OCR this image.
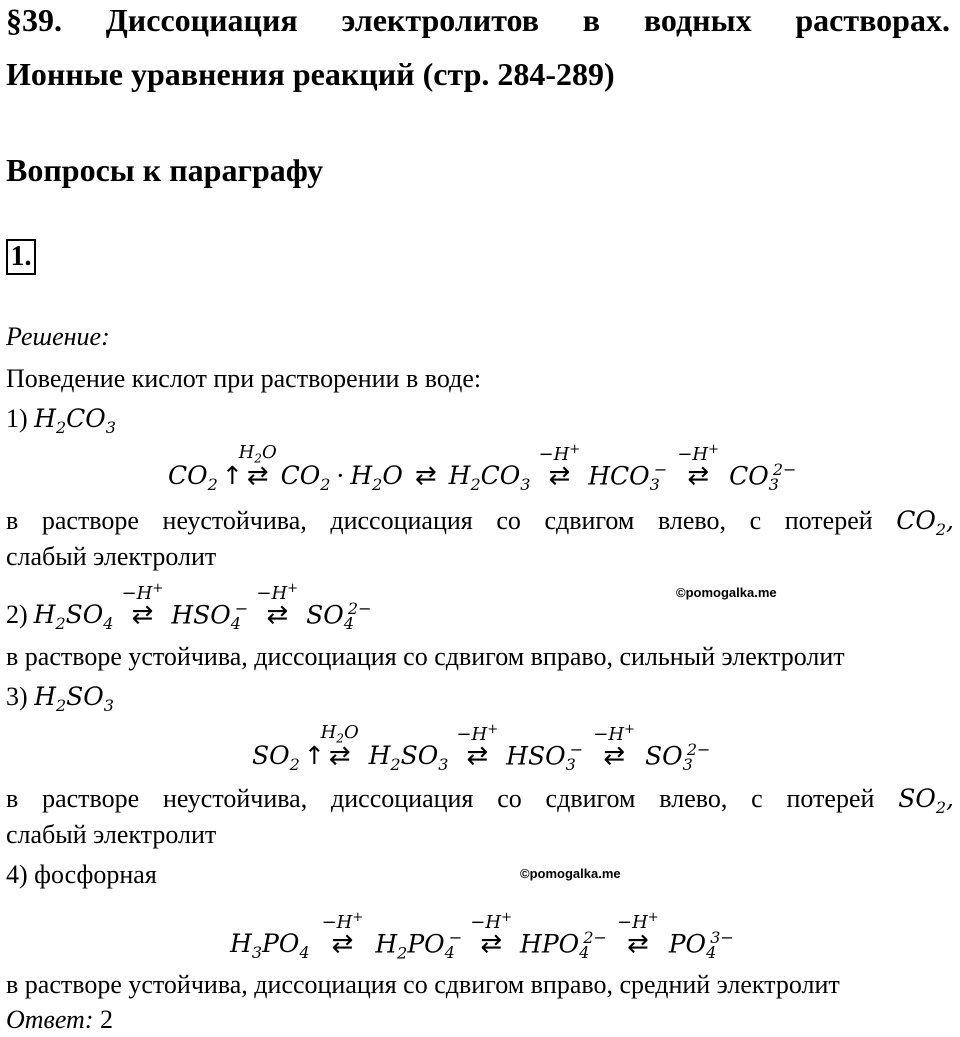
§39. Диссоциация электролитов в водных растворах.
Ионные уравнения реакций (стр. 284-289)
Вопросы к параграфу
1.
Решение:
Поведение кислот при растворении в воде:
1) $H_2CO_3$
$CO_2$ ↑
$H_2O$
⇄ $CO_2 \cdot H_2O$ ⇄ $H_2CO_3$
−H+
⇄ $HCO_3^-$
−H+
⇄ $CO_3^{2-}$
в растворе неустойчива, диссоциация со сдвигом влево, с потерей $CO_2$,
слабый электролит
©pomogalka.me
2) $H_2SO_4$
−H+
⇄ $HSO_4^-$
−H+
⇄ $SO_4^{2-}$
в растворе устойчива, диссоциация со сдвигом вправо, сильный электролит
3) $H_2SO_3$
$SO_2$ ↑
$H_2O$
⇄ $H_2SO_3$
−H+
⇄ $HSO_3^-$
−H+
⇄ $SO_3^{2-}$
в растворе неустойчива, диссоциация со сдвигом влево, с потерей $SO_2$,
слабый электролит
4) фосфорная	©pomogalka.me
$H_3PO_4$
−H+
⇄ $H_2PO_4^-$
−H+
⇄ $HPO_4^{2-}$
−H+
⇄ $PO_4^{3-}$
в растворе устойчива, диссоциация со сдвигом вправо, средний электролит
Ответ: 2
